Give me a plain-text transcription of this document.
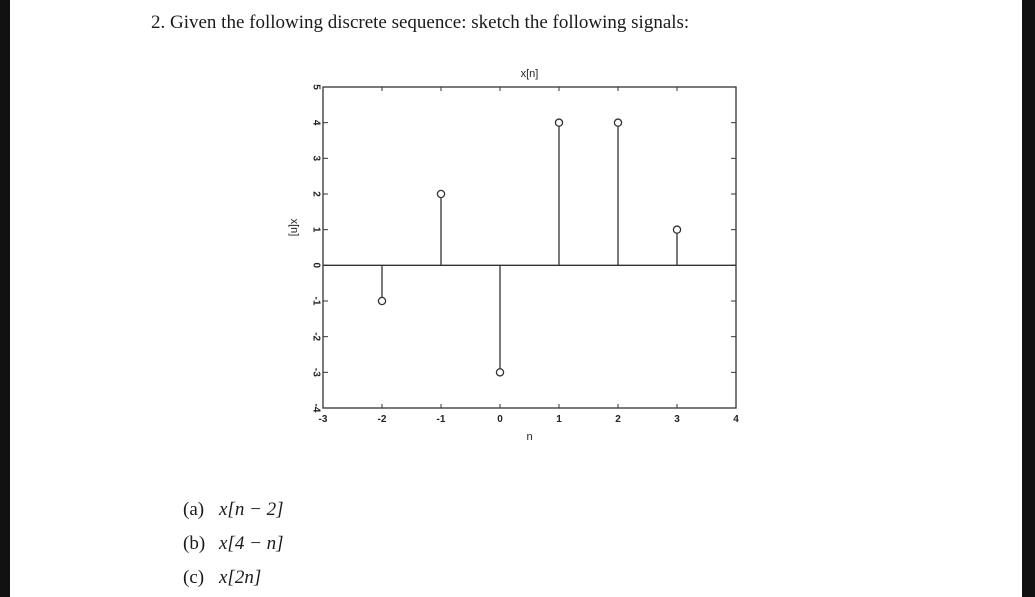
2. Given the following discrete sequence: sketch the following signals:
-3	-2	-1	0	1	2	3	4
-4
-3
-2
-1
0
1
2
3
4
5
x[n]
n
x[n]
(a) x[n − 2]
(b) x[4 − n]
(c) x[2n]
